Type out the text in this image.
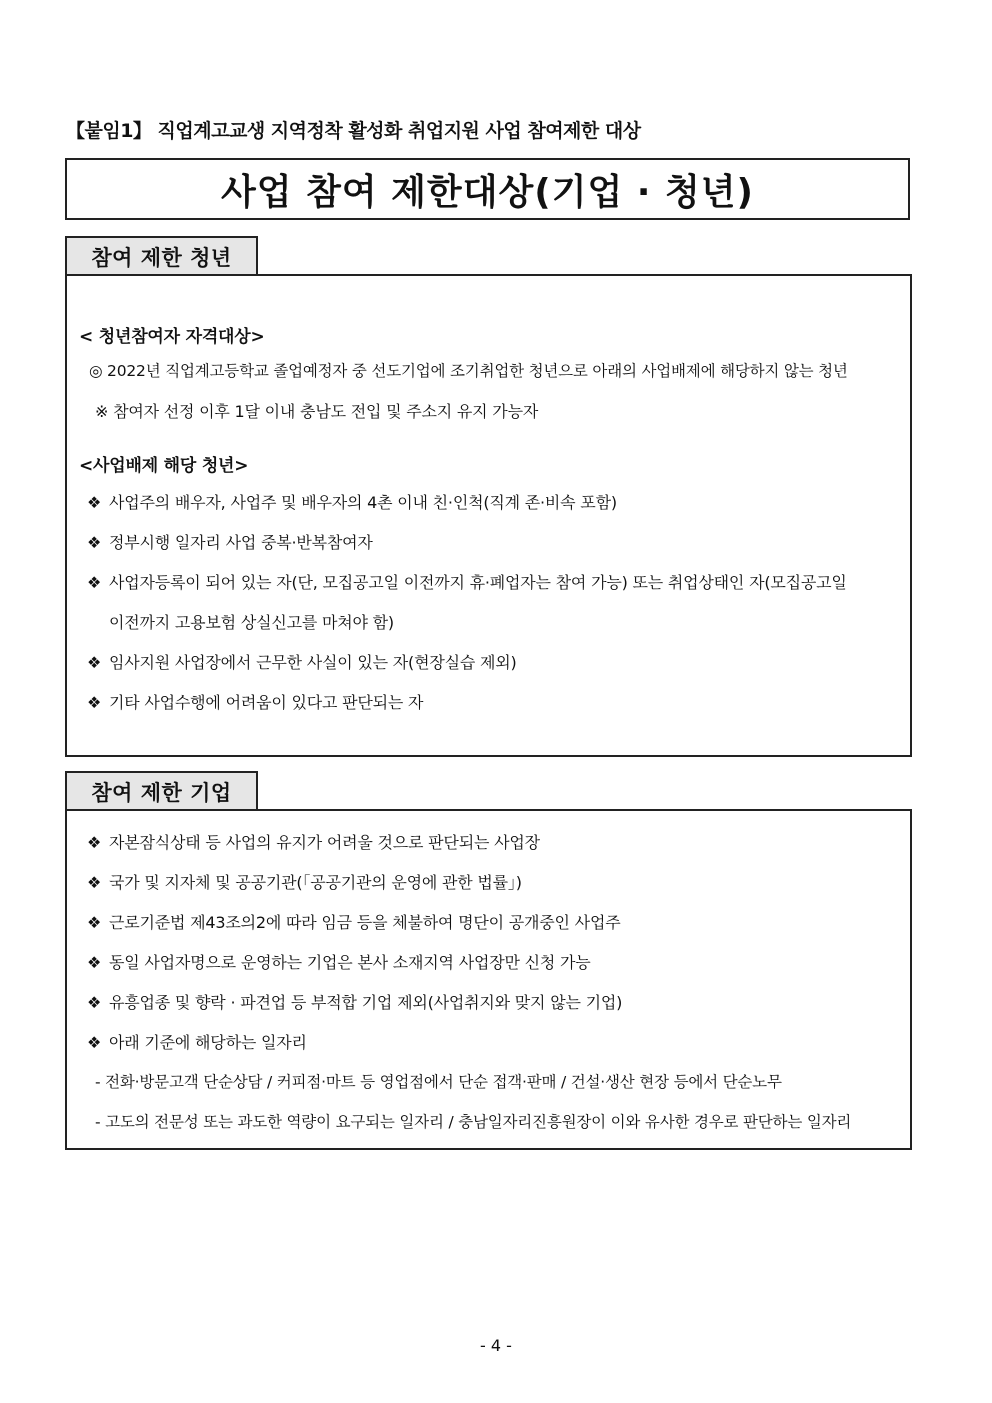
【붙임1】 직업계고교생 지역정착 활성화 취업지원 사업 참여제한 대상
사업 참여 제한대상(기업 · 청년)
참여 제한 청년
< 청년참여자 자격대상>
◎ 2022년 직업계고등학교 졸업예정자 중 선도기업에 조기취업한 청년으로 아래의 사업배제에 해당하지 않는 청년
※ 참여자 선정 이후 1달 이내 충남도 전입 및 주소지 유지 가능자
<사업배제 해당 청년>
❖ 사업주의 배우자, 사업주 및 배우자의 4촌 이내 친·인척(직계 존·비속 포함)
❖ 정부시행 일자리 사업 중복·반복참여자
❖ 사업자등록이 되어 있는 자(단, 모집공고일 이전까지 휴·폐업자는 참여 가능) 또는 취업상태인 자(모집공고일
이전까지 고용보험 상실신고를 마쳐야 함)
❖ 임사지원 사업장에서 근무한 사실이 있는 자(현장실습 제외)
❖ 기타 사업수행에 어려움이 있다고 판단되는 자
참여 제한 기업
❖ 자본잠식상태 등 사업의 유지가 어려울 것으로 판단되는 사업장
❖ 국가 및 지자체 및 공공기관(「공공기관의 운영에 관한 법률」)
❖ 근로기준법 제43조의2에 따라 임금 등을 체불하여 명단이 공개중인 사업주
❖ 동일 사업자명으로 운영하는 기업은 본사 소재지역 사업장만 신청 가능
❖ 유흥업종 및 향락 · 파견업 등 부적합 기업 제외(사업취지와 맞지 않는 기업)
❖ 아래 기준에 해당하는 일자리
- 전화·방문고객 단순상담 / 커피점·마트 등 영업점에서 단순 접객·판매 / 건설·생산 현장 등에서 단순노무
- 고도의 전문성 또는 과도한 역량이 요구되는 일자리 / 충남일자리진흥원장이 이와 유사한 경우로 판단하는 일자리
- 4 -
